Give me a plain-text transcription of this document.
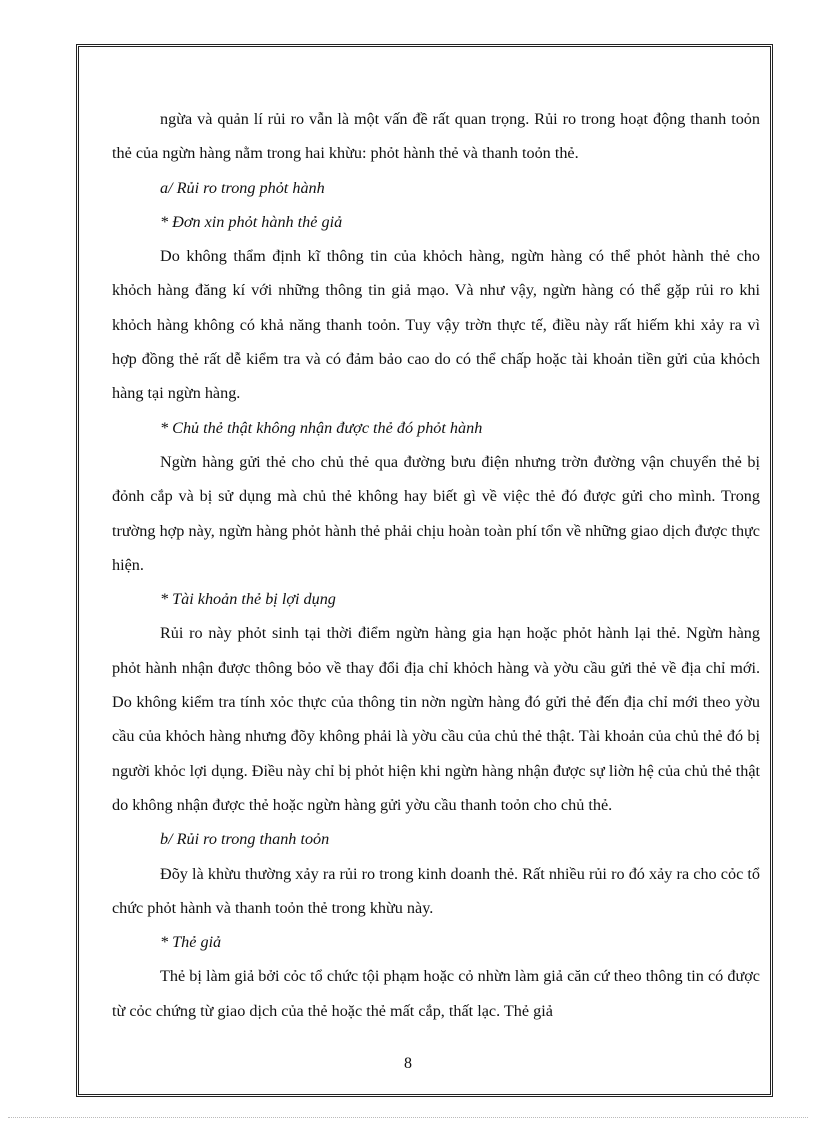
ngừa và quản lí rủi ro vẫn là một vấn đề rất quan trọng. Rủi ro trong hoạt động thanh toỏn thẻ của ngừn hàng nằm trong hai khừu: phỏt hành thẻ và thanh toỏn thẻ.

a/ Rủi ro trong phỏt hành

* Đơn xin phỏt hành thẻ giả

Do không thẩm định kĩ thông tin của khỏch hàng, ngừn hàng có thể phỏt hành thẻ cho khỏch hàng đăng kí với những thông tin giả mạo. Và như vậy, ngừn hàng có thể gặp rủi ro khi khỏch hàng không có khả năng thanh toỏn. Tuy vậy trờn thực tế, điều này rất hiếm khi xảy ra vì hợp đồng thẻ rất dễ kiểm tra và có đảm bảo cao do có thể chấp hoặc tài khoản tiền gửi của khỏch hàng tại ngừn hàng.

* Chủ thẻ thật không nhận được thẻ đó phỏt hành

Ngừn hàng gửi thẻ cho chủ thẻ qua đường bưu điện nhưng trờn đường vận chuyển thẻ bị đỏnh cắp và bị sử dụng mà chủ thẻ không hay biết gì về việc thẻ đó được gửi cho mình. Trong trường hợp này, ngừn hàng phỏt hành thẻ phải chịu hoàn toàn phí tổn về những giao dịch được thực hiện.

* Tài khoản thẻ bị lợi dụng

Rủi ro này phỏt sinh tại thời điểm ngừn hàng gia hạn hoặc phỏt hành lại thẻ. Ngừn hàng phỏt hành nhận được thông bỏo về thay đổi địa chỉ khỏch hàng và yờu cầu gửi thẻ về địa chỉ mới. Do không kiểm tra tính xỏc thực của thông tin nờn ngừn hàng đó gửi thẻ đến địa chỉ mới theo yờu cầu của khỏch hàng nhưng đõy không phải là yờu cầu của chủ thẻ thật. Tài khoản của chủ thẻ đó bị người khỏc lợi dụng. Điều này chỉ bị phỏt hiện khi ngừn hàng nhận được sự liờn hệ của chủ thẻ thật do không nhận được thẻ hoặc ngừn hàng gửi yờu cầu thanh toỏn cho chủ thẻ.

b/ Rủi ro trong thanh toỏn

Đõy là khừu thường xảy ra rủi ro trong kinh doanh thẻ. Rất nhiều rủi ro đó xảy ra cho cỏc tổ chức phỏt hành và thanh toỏn thẻ trong khừu này.

* Thẻ giả

Thẻ bị làm giả bởi cỏc tổ chức tội phạm hoặc cỏ nhừn làm giả căn cứ theo thông tin có được từ cỏc chứng từ giao dịch của thẻ hoặc thẻ mất cắp, thất lạc. Thẻ giả

8
